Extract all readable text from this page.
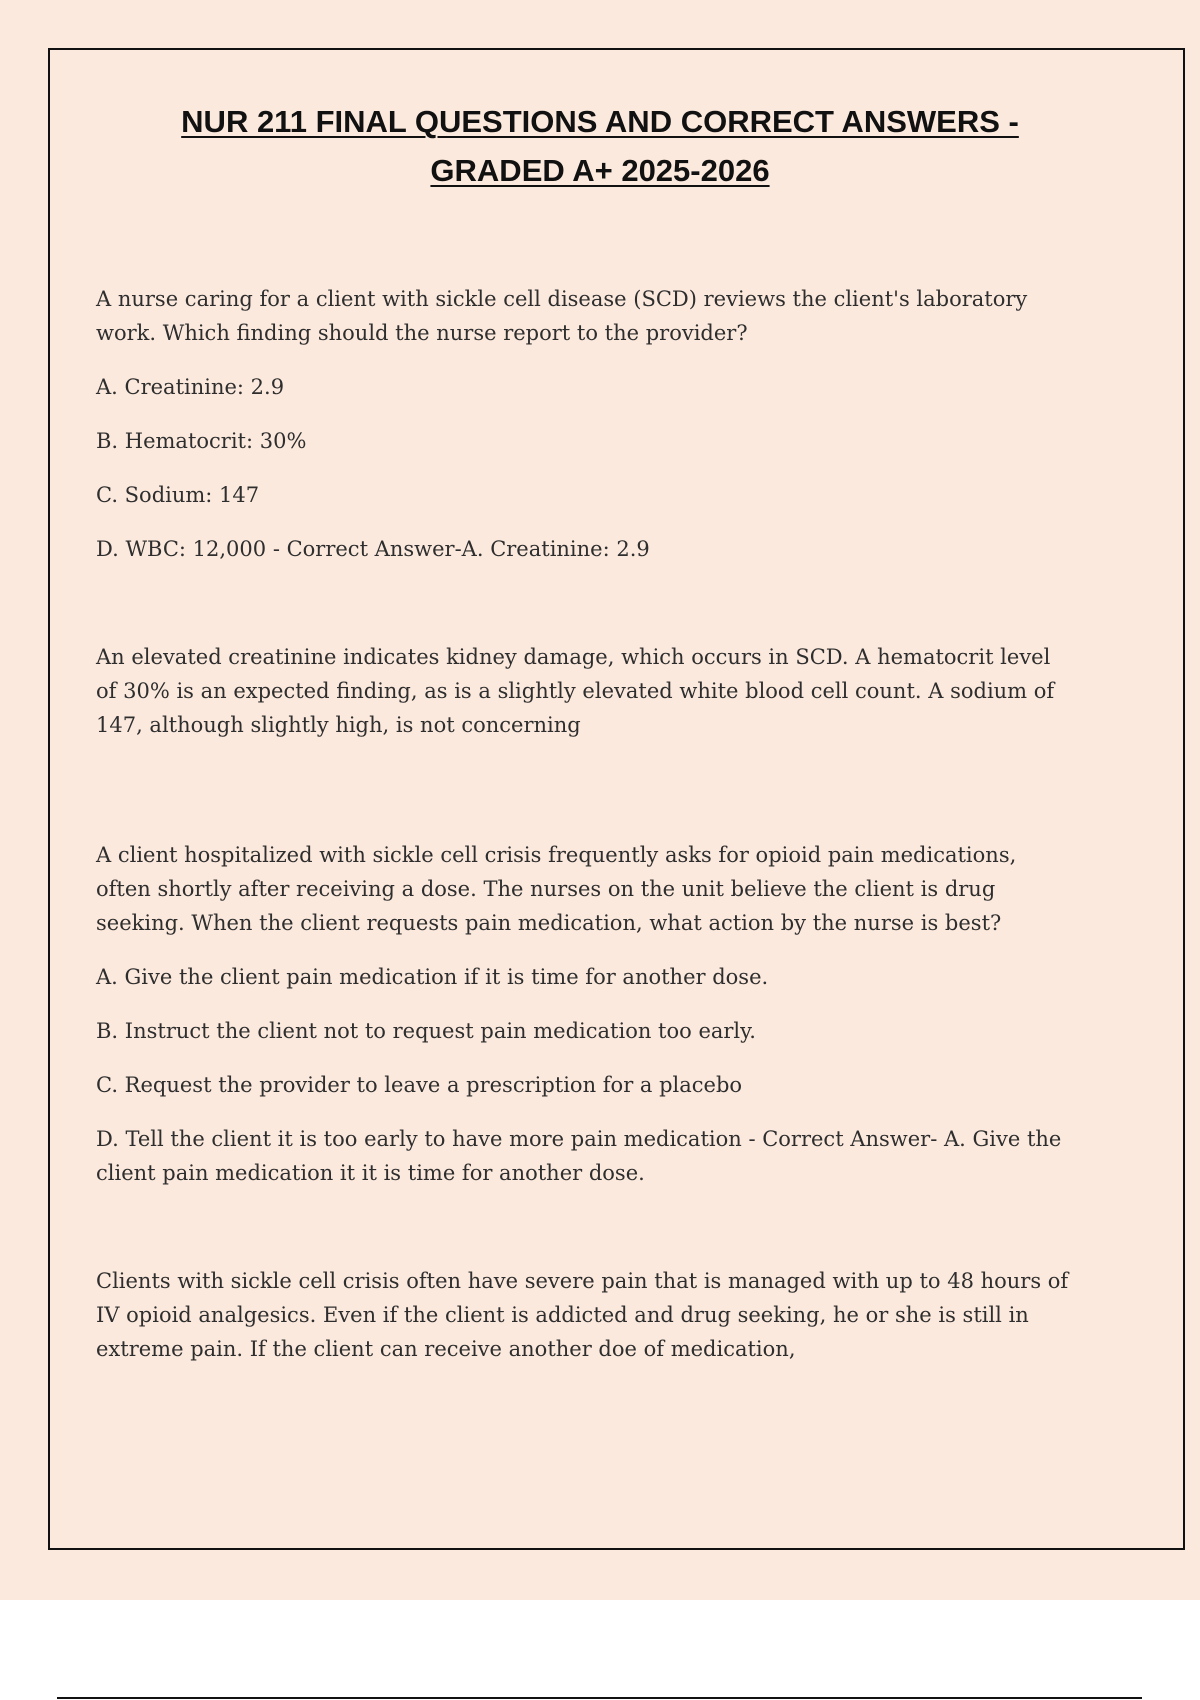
NUR 211 FINAL QUESTIONS AND CORRECT ANSWERS -
GRADED A+ 2025-2026

A nurse caring for a client with sickle cell disease (SCD) reviews the client's laboratory work. Which finding should the nurse report to the provider?

A. Creatinine: 2.9

B. Hematocrit: 30%

C. Sodium: 147

D. WBC: 12,000 - Correct Answer-A. Creatinine: 2.9

An elevated creatinine indicates kidney damage, which occurs in SCD. A hematocrit level of 30% is an expected finding, as is a slightly elevated white blood cell count. A sodium of 147, although slightly high, is not concerning

A client hospitalized with sickle cell crisis frequently asks for opioid pain medications, often shortly after receiving a dose. The nurses on the unit believe the client is drug seeking. When the client requests pain medication, what action by the nurse is best?

A. Give the client pain medication if it is time for another dose.

B. Instruct the client not to request pain medication too early.

C. Request the provider to leave a prescription for a placebo

D. Tell the client it is too early to have more pain medication - Correct Answer- A. Give the client pain medication it it is time for another dose.

Clients with sickle cell crisis often have severe pain that is managed with up to 48 hours of IV opioid analgesics. Even if the client is addicted and drug seeking, he or she is still in extreme pain. If the client can receive another doe of medication,
